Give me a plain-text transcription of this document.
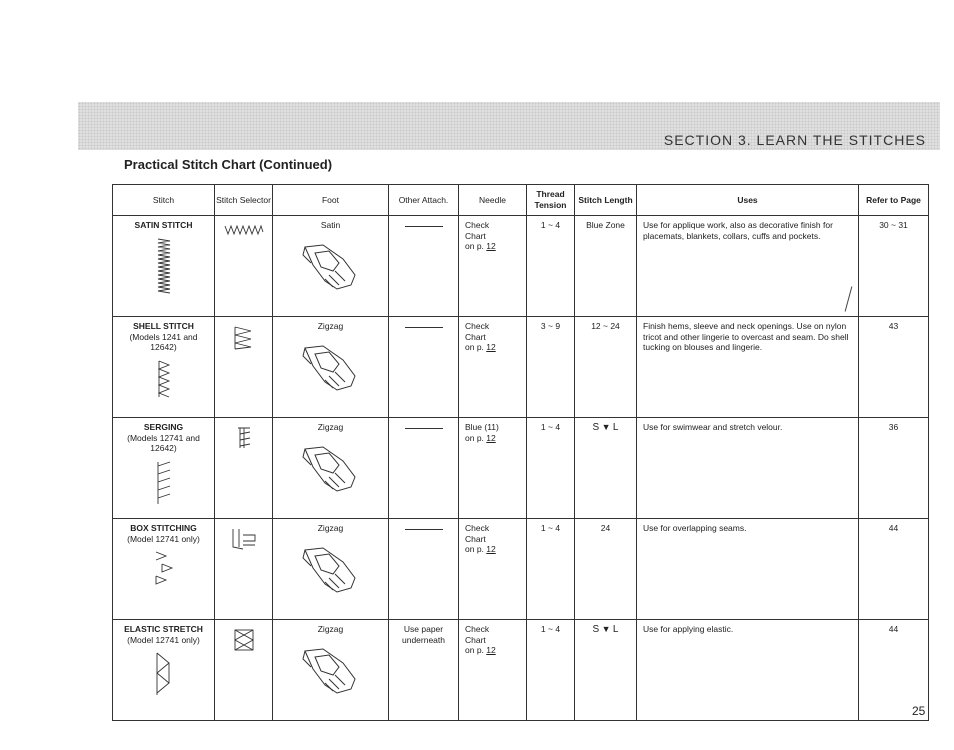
SECTION 3. LEARN THE STITCHES
Practical Stitch Chart (Continued)
Stitch	Stitch Selector	Foot	Other Attach.	Needle	Thread Tension	Stitch Length	Uses	Refer to Page

SATIN STITCH		Satin		Check
Chart
on p. 12	1 ~ 4	Blue Zone	Use for applique work, also as decorative finish for placemats, blankets, collars, cuffs and pockets.	30 ~ 31

SHELL STITCH
(Models 1241 and 12642)		Zigzag		Check
Chart
on p. 12	3 ~ 9	12 ~ 24	Finish hems, sleeve and neck openings. Use on nylon tricot and other lingerie to overcast and seam. Do shell tucking on blouses and lingerie.	43

SERGING
(Models 12741 and 12642)		Zigzag		Blue (11)
on p. 12	1 ~ 4	S ▼ L	Use for swimwear and stretch velour.	36

BOX STITCHING
(Model 12741 only)		Zigzag		Check
Chart
on p. 12	1 ~ 4	24	Use for overlapping seams.	44

ELASTIC STRETCH
(Model 12741 only)		Zigzag	Use paper underneath	Check
Chart
on p. 12	1 ~ 4	S ▼ L	Use for applying elastic.	44
25
